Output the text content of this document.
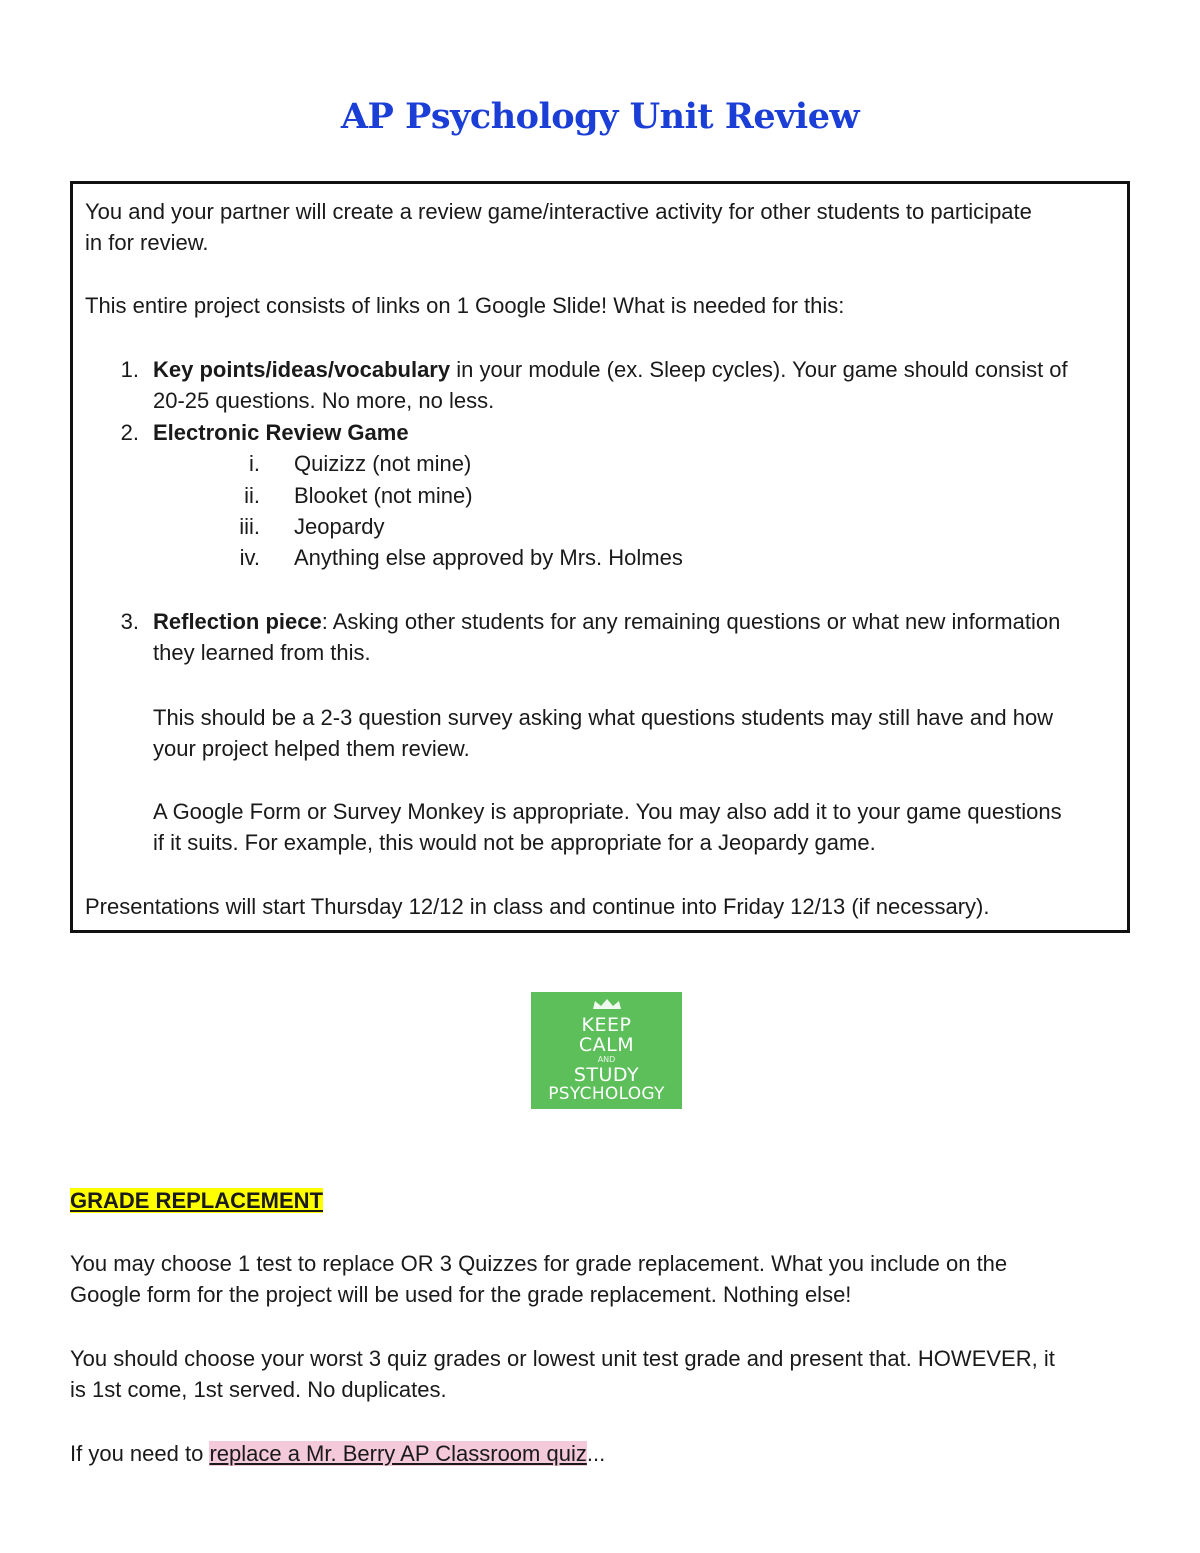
AP Psychology Unit Review
You and your partner will create a review game/interactive activity for other students to participate
in for review.
This entire project consists of links on 1 Google Slide! What is needed for this:
1. Key points/ideas/vocabulary in your module (ex. Sleep cycles). Your game should consist of
20-25 questions. No more, no less.
2. Electronic Review Game
i. Quizizz (not mine)
ii. Blooket (not mine)
iii. Jeopardy
iv. Anything else approved by Mrs. Holmes
3. Reflection piece: Asking other students for any remaining questions or what new information
they learned from this.
This should be a 2-3 question survey asking what questions students may still have and how
your project helped them review.
A Google Form or Survey Monkey is appropriate. You may also add it to your game questions
if it suits. For example, this would not be appropriate for a Jeopardy game.
Presentations will start Thursday 12/12 in class and continue into Friday 12/13 (if necessary).
KEEP
CALM
AND
STUDY
PSYCHOLOGY
GRADE REPLACEMENT
You may choose 1 test to replace OR 3 Quizzes for grade replacement. What you include on the
Google form for the project will be used for the grade replacement. Nothing else!
You should choose your worst 3 quiz grades or lowest unit test grade and present that. HOWEVER, it
is 1st come, 1st served. No duplicates.
If you need to replace a Mr. Berry AP Classroom quiz...
